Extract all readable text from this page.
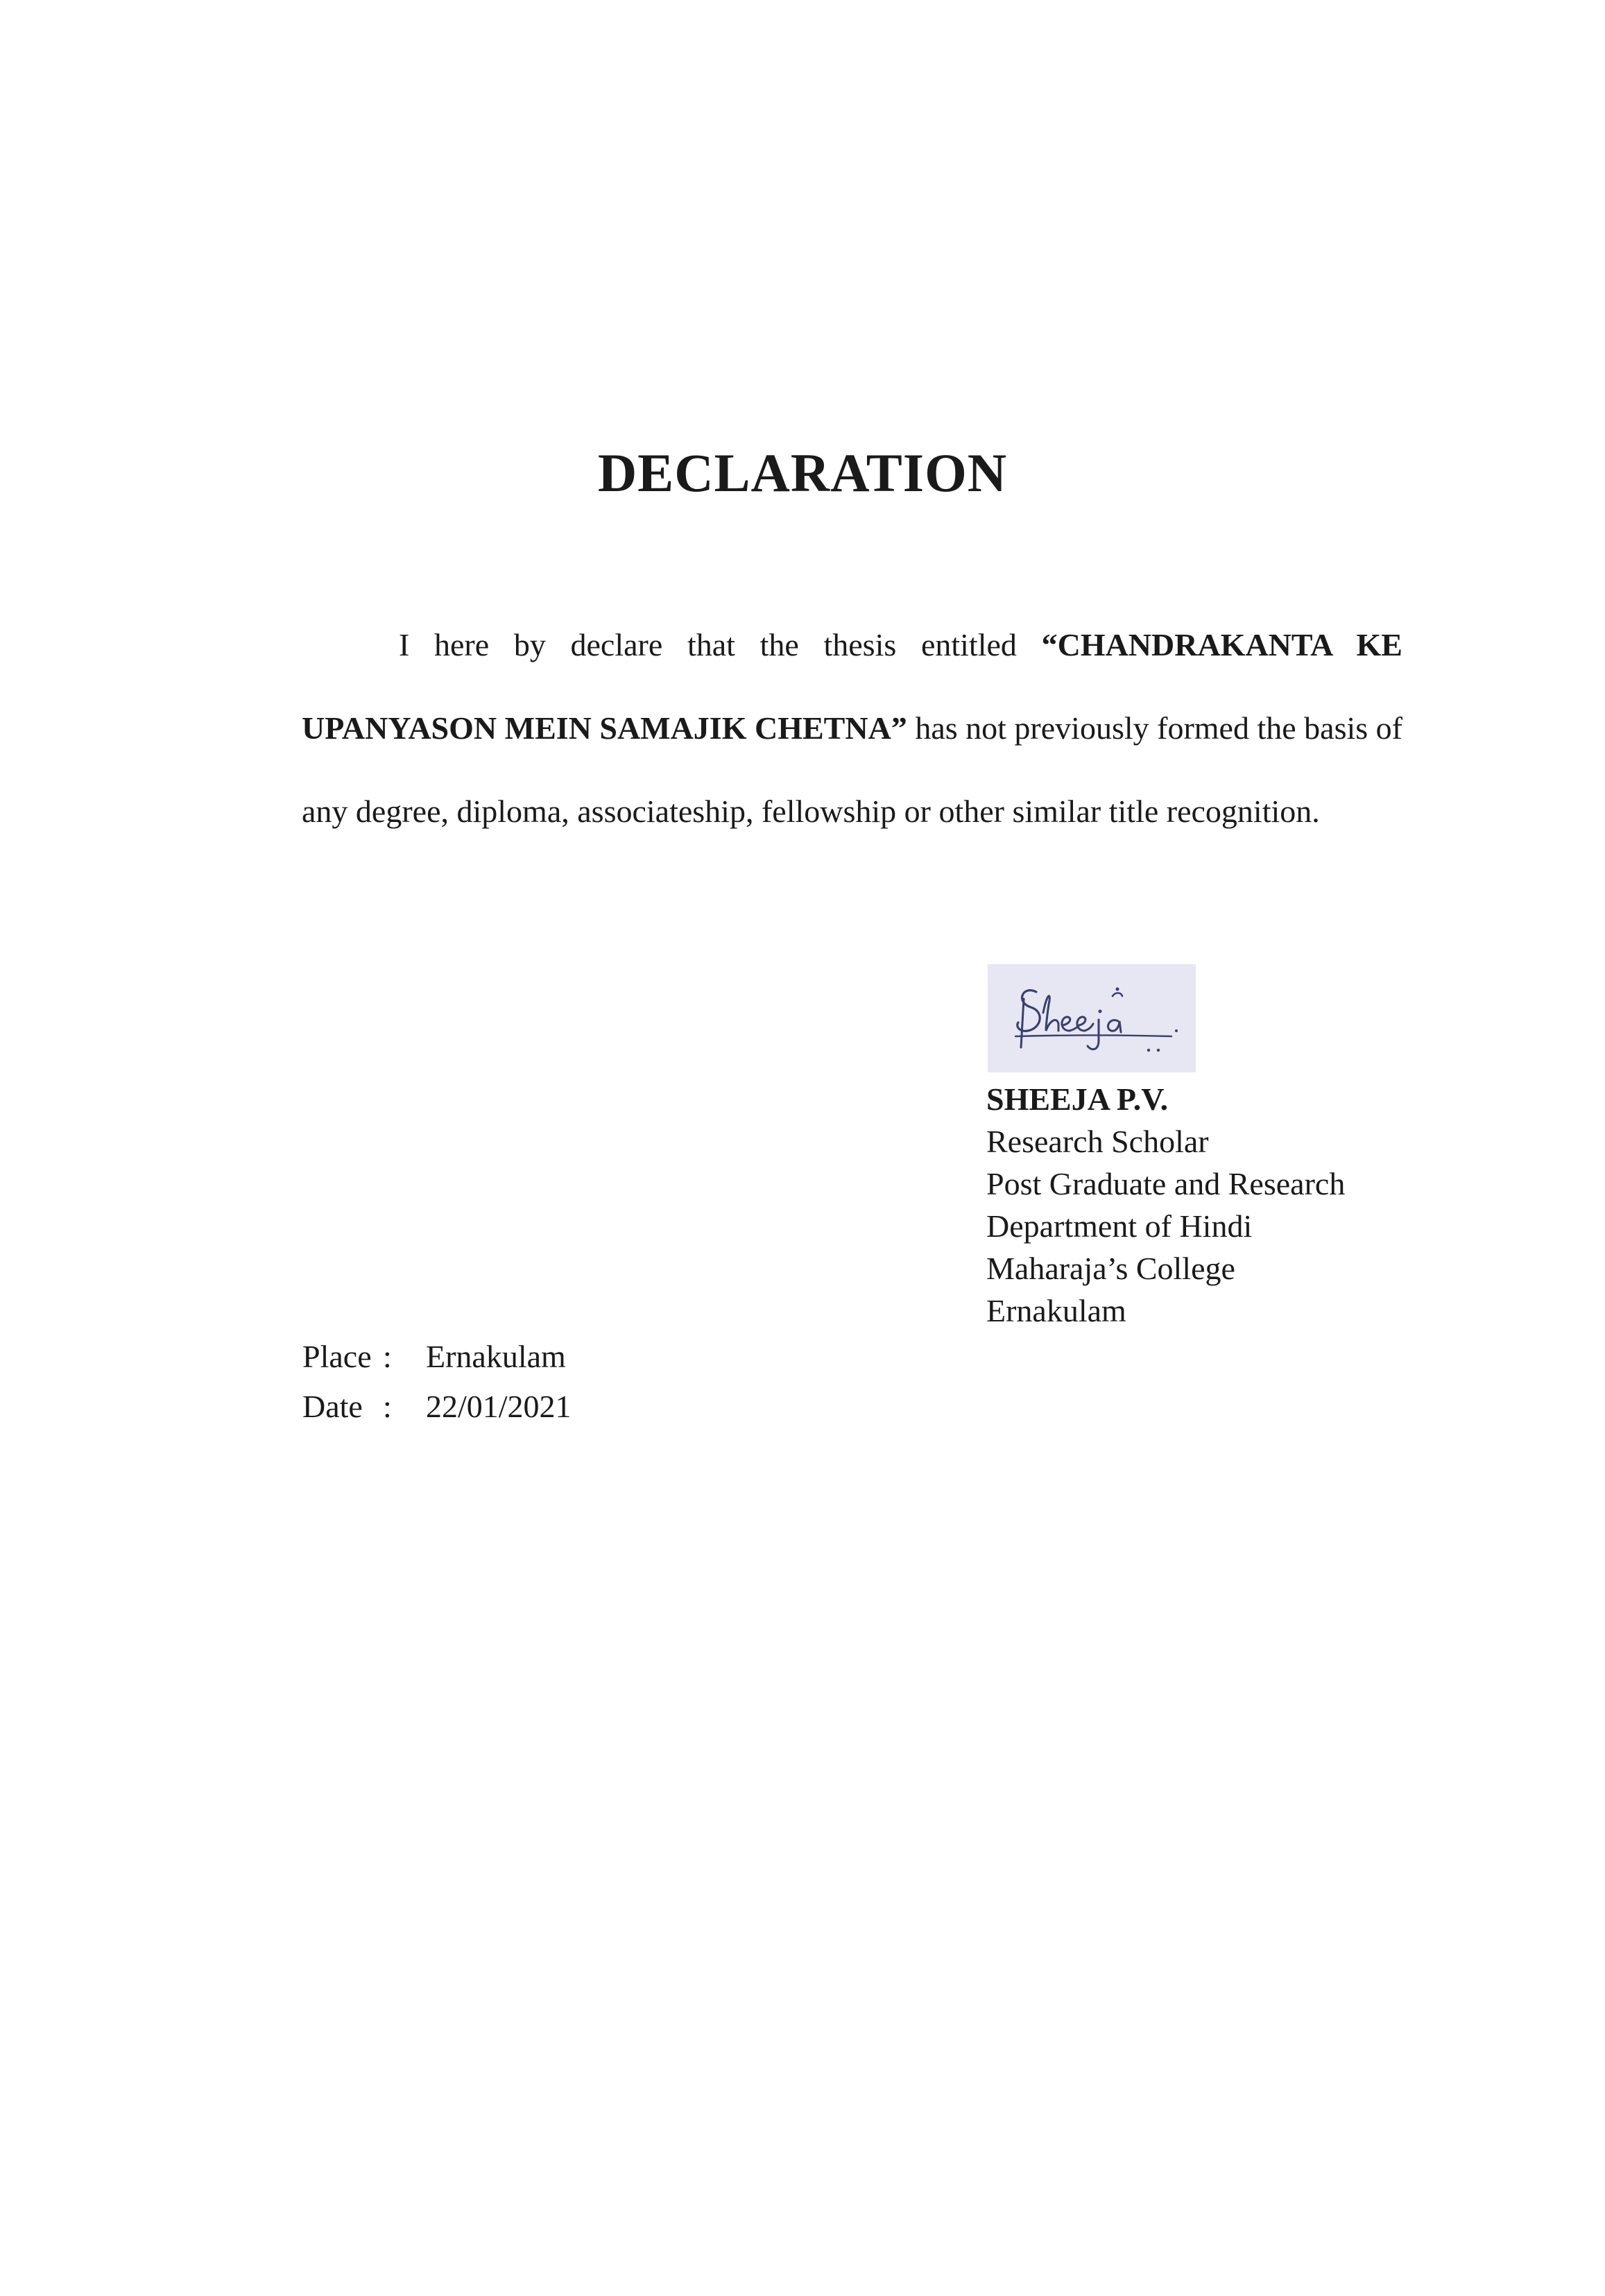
DECLARATION

I here by declare that the thesis entitled “CHANDRAKANTA KE UPANYASON MEIN SAMAJIK CHETNA” has not previously formed the basis of any degree, diploma, associateship, fellowship or other similar title recognition.

SHEEJA P.V.
Research Scholar
Post Graduate and Research
Department of Hindi
Maharaja’s College
Ernakulam
Place :	Ernakulam
Date :	22/01/2021
